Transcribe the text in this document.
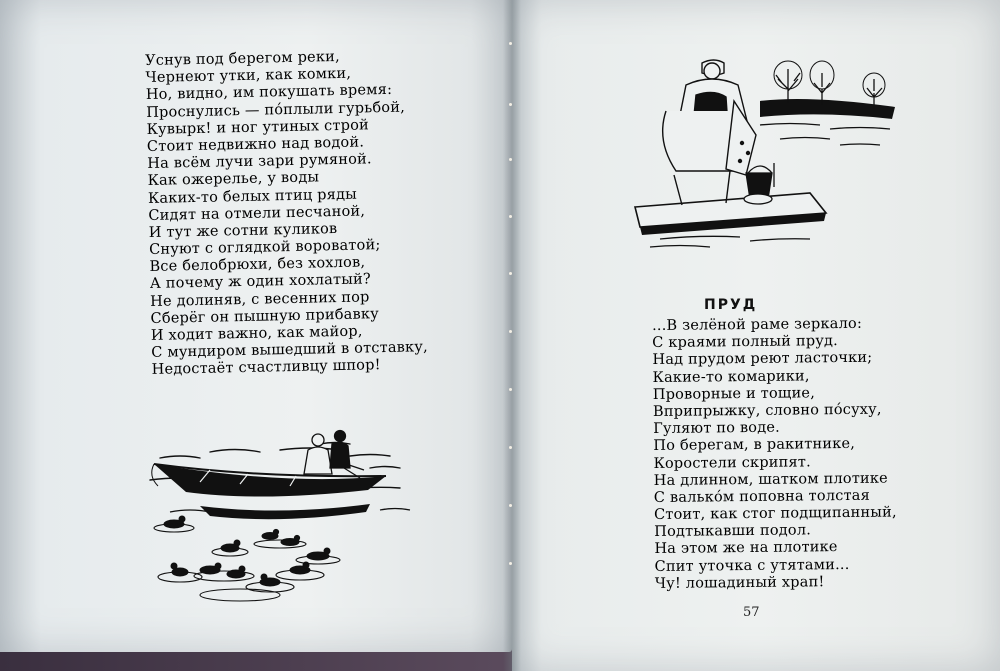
Уснув под берегом реки,
Чернеют утки, как комки,
Но, видно, им покушать время:
Проснулись — пóплыли гурьбой,
Кувырк! и ног утиных строй
Стоит недвижно над водой.
На всём лучи зари румяной.
Как ожерелье, у воды
Каких-то белых птиц ряды
Сидят на отмели песчаной,
И тут же сотни куликов
Снуют с оглядкой вороватой;
Все белобрюхи, без хохлов,
А почему ж один хохлатый?
Не долиняв, с весенних пор
Сберёг он пышную прибавку
И ходит важно, как майор,
С мундиром вышедший в отставку,
Недостаёт счастливцу шпор!
ПРУД
...В зелёной раме зеркало:
С краями полный пруд.
Над прудом реют ласточки;
Какие-то комарики,
Проворные и тощие,
Вприпрыжку, словно пóсуху,
Гуляют по воде.
По берегам, в ракитнике,
Коростели скрипят.
На длинном, шатком плотике
С валькóм поповна толстая
Стоит, как стог подщипанный,
Подтыкавши подол.
На этом же на плотике
Спит уточка с утятами...
Чу! лошадиный храп!
57
